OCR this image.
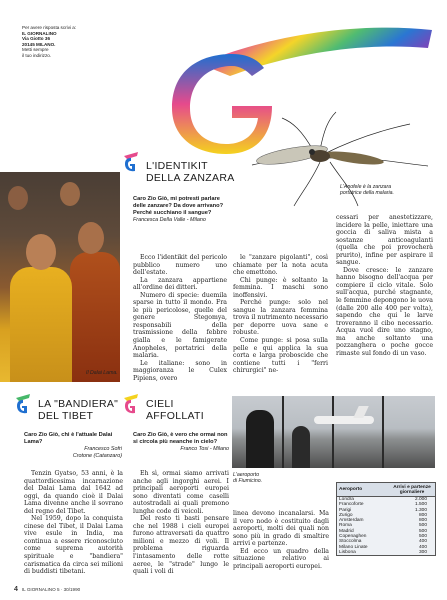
Per avere risposta scrivi a:
IL GIORNALINO
Via Giotto 36
20145 MILANO.
Metti sempre
il tuo indirizzo.
L'Anofele è la zanzara
portatrice della malaria.
Il Dalai Lama.
L'IDENTIKIT
DELLA ZANZARA
Caro Zio Giò, mi potresti parlare delle zanzare? Da dove arrivano? Perché succhiano il sangue?
Francesca Della Valle - Milano

Ecco l'identikit del pericolo pubblico numero uno dell'estate.

La zanzara appartiene all'ordine dei ditteri.

Numero di specie: duemila sparse in tutto il mondo. Fra le più pericolose, quelle del genere Stegomya, responsabili della trasmissione della febbre gialla e le famigerate Anopheles, portatrici della malaria.

Le italiane: sono in maggioranza le Culex Pipiens, overo

le "zanzare pigolanti", così chiamate per la nota acuta che emettono.

Chi punge: è soltanto la femmina. I maschi sono inoffensivi.

Perché punge: solo nel sangue la zanzara femmina trova il nutrimento necessario per deporre uova sane e robuste.

Come punge: si posa sulla pelle e qui applica la sua corta e larga proboscide che contiene tutti i "ferri chirurgici" ne-

cessari per anestetizzare, incidere la pelle, iniettare una goccia di saliva mista a sostanze anticoagulanti (quella che poi provocherà prurito), infine per aspirare il sangue.

Dove cresce: le zanzare hanno bisogno dell'acqua per compiere il ciclo vitale. Solo sull'acqua, purché stagnante, le femmine depongono le uova (dalle 200 alle 400 per volta), sapendo che qui le larve troveranno il cibo necessario. Acqua vuol dire uno stagno, ma anche soltanto una pozzanghera o poche gocce rimaste sul fondo di un vaso.

LA "BANDIERA"
DEL TIBET
Caro Zio Giò, chi è l'attuale Dalai Lama?
Francesco Sofri
Crotone (Catanzaro)

Tenzin Gyatso, 53 anni, è la quattordicesima incarnazione del Dalai Lama dal 1642 ad oggi, da quando cioè il Dalai Lama divenne anche il sovrano del regno del Tibet.

Nel 1959, dopo la conquista cinese del Tibet, il Dalai Lama vive esule in India, ma continua a essere riconosciuto come suprema autorità spirituale e "bandiera" carismatica da circa sei milioni di buddisti tibetani.

CIELI
AFFOLLATI
Caro Zio Giò, è vero che ormai non si circola più neanche in cielo?
Franco Tosi - Milano

Eh sì, ormai siamo arrivati anche agli ingorghi aerei. I principali aeroporti europei sono diventati come caselli autostradali ai quali premono lunghe code di veicoli.

Del resto ti basti pensare che nel 1988 i cieli europei furono attraversati da quattro milioni e mezzo di voli. Il problema riguarda l'intasamento delle rotte aeree, le "strade" lungo le quali i voli di

L'aeroporto
di Fiumicino.

linea devono incanalarsi. Ma il vero nodo è costituito dagli aeroporti, molti dei quali non sono più in grado di smaltire arrivi e partenze.

Ed ecco un quadro della situazione relativo ai principali aeroporti europei.

Aeroporto	Arrivi e partenze
giornaliere
Londra	2.000
Francoforte	1.500
Parigi	1.300
Zurigo	800
Amsterdam	800
Roma	500
Madrid	500
Copenaghen	500
Stoccolma	400
Milano Linate	400
Lisbona	300
4 IL GIORNALINO 5 · 30/1990
